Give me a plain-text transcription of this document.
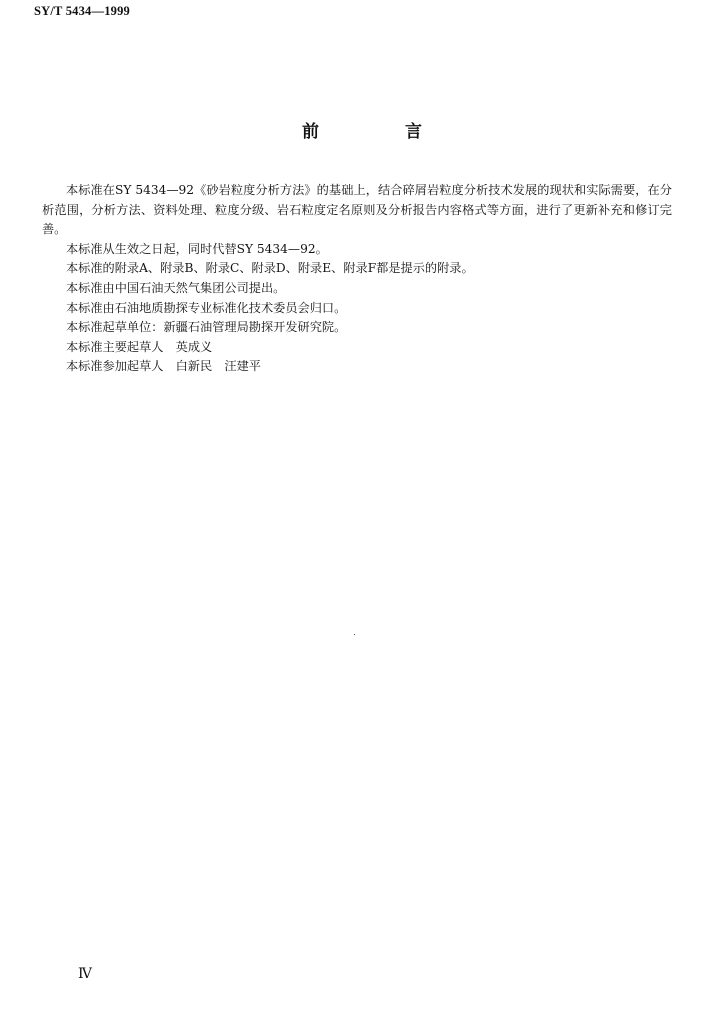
SY/T 5434—1999
前 言

本标准在SY 5434—92《砂岩粒度分析方法》的基础上，结合碎屑岩粒度分析技术发展的现状和实际需要，在分析范围，分析方法、资料处理、粒度分级、岩石粒度定名原则及分析报告内容格式等方面，进行了更新补充和修订完善。

本标准从生效之日起，同时代替SY 5434—92。

本标准的附录A、附录B、附录C、附录D、附录E、附录F都是提示的附录。

本标准由中国石油天然气集团公司提出。

本标准由石油地质勘探专业标准化技术委员会归口。

本标准起草单位：新疆石油管理局勘探开发研究院。

本标准主要起草人　英成义

本标准参加起草人　白新民　汪建平

Ⅳ
